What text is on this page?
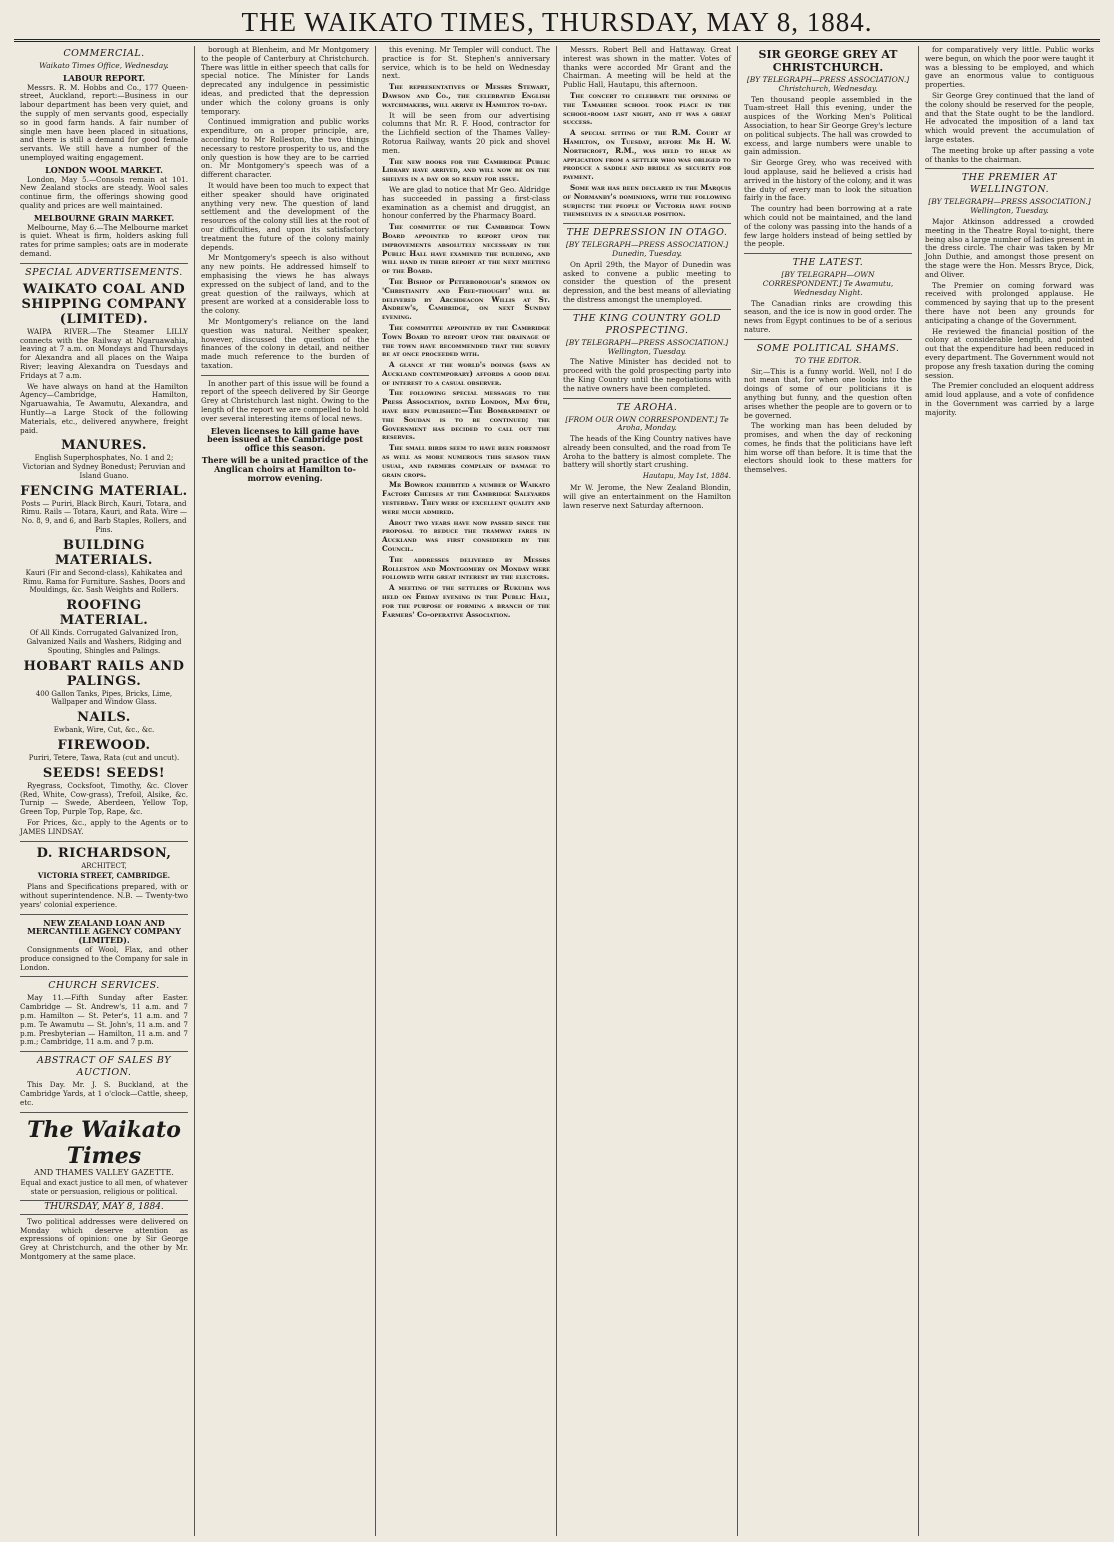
THE WAIKATO TIMES, THURSDAY, MAY 8, 1884.
COMMERCIAL.
Waikato Times Office, Wednesday.
LABOUR REPORT.

Messrs. R. M. Hobbs and Co., 177 Queen-street, Auckland, report:—Business in our labour department has been very quiet, and the supply of men servants good, especially so in good farm hands. A fair number of single men have been placed in situations, and there is still a demand for good female servants. We still have a number of the unemployed waiting engagement.

LONDON WOOL MARKET.

London, May 5.—Consols remain at 101. New Zealand stocks are steady. Wool sales continue firm, the offerings showing good quality and prices are well maintained.

MELBOURNE GRAIN MARKET.

Melbourne, May 6.—The Melbourne market is quiet. Wheat is firm, holders asking full rates for prime samples; oats are in moderate demand.

SPECIAL ADVERTISEMENTS.
WAIKATO COAL AND SHIPPING COMPANY (LIMITED).

WAIPA RIVER.—The Steamer LILLY connects with the Railway at Ngaruawahia, leaving at 7 a.m. on Mondays and Thursdays for Alexandra and all places on the Waipa River; leaving Alexandra on Tuesdays and Fridays at 7 a.m.

We have always on hand at the Hamilton Agency—Cambridge, Hamilton, Ngaruawahia, Te Awamutu, Alexandra, and Huntly—a Large Stock of the following Materials, etc., delivered anywhere, freight paid.

MANURES.
English Superphosphates, No. 1 and 2; Victorian and Sydney Bonedust; Peruvian and Island Guano.
FENCING MATERIAL.
Posts — Puriri, Black Birch, Kauri, Totara, and Rimu. Rails — Totara, Kauri, and Rata. Wire — No. 8, 9, and 6, and Barb Staples, Rollers, and Pins.
BUILDING MATERIALS.
Kauri (Fir and Second-class), Kahikatea and Rimu. Rama for Furniture. Sashes, Doors and Mouldings, &c. Sash Weights and Rollers.
ROOFING MATERIAL.
Of All Kinds. Corrugated Galvanized Iron, Galvanized Nails and Washers, Ridging and Spouting, Shingles and Palings.
HOBART RAILS AND PALINGS.
400 Gallon Tanks, Pipes, Bricks, Lime, Wallpaper and Window Glass.
NAILS.
Ewbank, Wire, Cut, &c., &c.
FIREWOOD.
Puriri, Tetere, Tawa, Rata (cut and uncut).
SEEDS! SEEDS!

Ryegrass, Cocksfoot, Timothy, &c. Clover (Red, White, Cow-grass), Trefoil, Alsike, &c. Turnip — Swede, Aberdeen, Yellow Top, Green Top, Purple Top, Rape, &c.

For Prices, &c., apply to the Agents or to JAMES LINDSAY.

D. RICHARDSON,
ARCHITECT,
VICTORIA STREET, CAMBRIDGE.

Plans and Specifications prepared, with or without superintendence. N.B. — Twenty-two years' colonial experience.

NEW ZEALAND LOAN AND MERCANTILE AGENCY COMPANY (LIMITED).

Consignments of Wool, Flax, and other produce consigned to the Company for sale in London.

CHURCH SERVICES.

May 11.—Fifth Sunday after Easter. Cambridge — St. Andrew's, 11 a.m. and 7 p.m. Hamilton — St. Peter's, 11 a.m. and 7 p.m. Te Awamutu — St. John's, 11 a.m. and 7 p.m. Presbyterian — Hamilton, 11 a.m. and 7 p.m.; Cambridge, 11 a.m. and 7 p.m.

ABSTRACT OF SALES BY AUCTION.

This Day. Mr. J. S. Buckland, at the Cambridge Yards, at 1 o'clock—Cattle, sheep, etc.

The Waikato Times
AND THAMES VALLEY GAZETTE.
Equal and exact justice to all men, of whatever state or persuasion, religious or political.
THURSDAY, MAY 8, 1884.

Two political addresses were delivered on Monday which deserve attention as expressions of opinion: one by Sir George Grey at Christchurch, and the other by Mr. Montgomery at the same place.

borough at Blenheim, and Mr Montgomery to the people of Canterbury at Christchurch. There was little in either speech that calls for special notice. The Minister for Lands deprecated any indulgence in pessimistic ideas, and predicted that the depression under which the colony groans is only temporary.

Continued immigration and public works expenditure, on a proper principle, are, according to Mr Rolleston, the two things necessary to restore prosperity to us, and the only question is how they are to be carried on. Mr Montgomery's speech was of a different character.

It would have been too much to expect that either speaker should have originated anything very new. The question of land settlement and the development of the resources of the colony still lies at the root of our difficulties, and upon its satisfactory treatment the future of the colony mainly depends.

Mr Montgomery's speech is also without any new points. He addressed himself to emphasising the views he has always expressed on the subject of land, and to the great question of the railways, which at present are worked at a considerable loss to the colony.

Mr Montgomery's reliance on the land question was natural. Neither speaker, however, discussed the question of the finances of the colony in detail, and neither made much reference to the burden of taxation.

In another part of this issue will be found a report of the speech delivered by Sir George Grey at Christchurch last night. Owing to the length of the report we are compelled to hold over several interesting items of local news.

Eleven licenses to kill game have been issued at the Cambridge post office this season.
There will be a united practice of the Anglican choirs at Hamilton to-morrow evening.

this evening. Mr Templer will conduct. The practice is for St. Stephen's anniversary service, which is to be held on Wednesday next.

The representatives of Messrs Stewart, Dawson and Co., the celebrated English watchmakers, will arrive in Hamilton to-day.

It will be seen from our advertising columns that Mr. R. F. Hood, contractor for the Lichfield section of the Thames Valley-Rotorua Railway, wants 20 pick and shovel men.

The new books for the Cambridge Public Library have arrived, and will now be on the shelves in a day or so ready for issue.

We are glad to notice that Mr Geo. Aldridge has succeeded in passing a first-class examination as a chemist and druggist, an honour conferred by the Pharmacy Board.

The committee of the Cambridge Town Board appointed to report upon the improvements absolutely necessary in the Public Hall have examined the building, and will hand in their report at the next meeting of the Board.

The Bishop of Peterborough's sermon on 'Christianity and Free-thought' will be delivered by Archdeacon Willis at St. Andrew's, Cambridge, on next Sunday evening.

The committee appointed by the Cambridge Town Board to report upon the drainage of the town have recommended that the survey be at once proceeded with.

A glance at the world's doings (says an Auckland contemporary) affords a good deal of interest to a casual observer.

The following special messages to the Press Association, dated London, May 6th, have been published:—The Bombardment of the Soudan is to be continued; the Government has decided to call out the reserves.

The small birds seem to have been foremost as well as more numerous this season than usual, and farmers complain of damage to grain crops.

Mr Bowron exhibited a number of Waikato Factory Cheeses at the Cambridge Saleyards yesterday. They were of excellent quality and were much admired.

About two years have now passed since the proposal to reduce the tramway fares in Auckland was first considered by the Council.

The addresses delivered by Messrs Rolleston and Montgomery on Monday were followed with great interest by the electors.

A meeting of the settlers of Rukuhia was held on Friday evening in the Public Hall, for the purpose of forming a branch of the Farmers' Co-operative Association.

Messrs. Robert Bell and Hattaway. Great interest was shown in the matter. Votes of thanks were accorded Mr Grant and the Chairman. A meeting will be held at the Public Hall, Hautapu, this afternoon.

The concert to celebrate the opening of the Tamahere school took place in the school-room last night, and it was a great success.

A special sitting of the R.M. Court at Hamilton, on Tuesday, before Mr H. W. Northcroft, R.M., was held to hear an application from a settler who was obliged to produce a saddle and bridle as security for payment.

Some war has been declared in the Marquis of Normanby's dominions, with the following subjects: the people of Victoria have found themselves in a singular position.

THE DEPRESSION IN OTAGO.
[BY TELEGRAPH—PRESS ASSOCIATION.] Dunedin, Tuesday.

On April 29th, the Mayor of Dunedin was asked to convene a public meeting to consider the question of the present depression, and the best means of alleviating the distress amongst the unemployed.

THE KING COUNTRY GOLD PROSPECTING.
[BY TELEGRAPH—PRESS ASSOCIATION.] Wellington, Tuesday.

The Native Minister has decided not to proceed with the gold prospecting party into the King Country until the negotiations with the native owners have been completed.

TE AROHA.
[FROM OUR OWN CORRESPONDENT.] Te Aroha, Monday.

The heads of the King Country natives have already been consulted, and the road from Te Aroha to the battery is almost complete. The battery will shortly start crushing.

Hautapu, May 1st, 1884.

Mr W. Jerome, the New Zealand Blondin, will give an entertainment on the Hamilton lawn reserve next Saturday afternoon.

SIR GEORGE GREY AT CHRISTCHURCH.
[BY TELEGRAPH—PRESS ASSOCIATION.] Christchurch, Wednesday.

Ten thousand people assembled in the Tuam-street Hall this evening, under the auspices of the Working Men's Political Association, to hear Sir George Grey's lecture on political subjects. The hall was crowded to excess, and large numbers were unable to gain admission.

Sir George Grey, who was received with loud applause, said he believed a crisis had arrived in the history of the colony, and it was the duty of every man to look the situation fairly in the face.

The country had been borrowing at a rate which could not be maintained, and the land of the colony was passing into the hands of a few large holders instead of being settled by the people.

THE LATEST.
[BY TELEGRAPH—OWN CORRESPONDENT.] Te Awamutu, Wednesday Night.

The Canadian rinks are crowding this season, and the ice is now in good order. The news from Egypt continues to be of a serious nature.

SOME POLITICAL SHAMS.
TO THE EDITOR.

Sir,—This is a funny world. Well, no! I do not mean that, for when one looks into the doings of some of our politicians it is anything but funny, and the question often arises whether the people are to govern or to be governed.

The working man has been deluded by promises, and when the day of reckoning comes, he finds that the politicians have left him worse off than before. It is time that the electors should look to these matters for themselves.

for comparatively very little. Public works were begun, on which the poor were taught it was a blessing to be employed, and which gave an enormous value to contiguous properties.

Sir George Grey continued that the land of the colony should be reserved for the people, and that the State ought to be the landlord. He advocated the imposition of a land tax which would prevent the accumulation of large estates.

The meeting broke up after passing a vote of thanks to the chairman.

THE PREMIER AT WELLINGTON.
[BY TELEGRAPH—PRESS ASSOCIATION.] Wellington, Tuesday.

Major Atkinson addressed a crowded meeting in the Theatre Royal to-night, there being also a large number of ladies present in the dress circle. The chair was taken by Mr John Duthie, and amongst those present on the stage were the Hon. Messrs Bryce, Dick, and Oliver.

The Premier on coming forward was received with prolonged applause. He commenced by saying that up to the present there have not been any grounds for anticipating a change of the Government.

He reviewed the financial position of the colony at considerable length, and pointed out that the expenditure had been reduced in every department. The Government would not propose any fresh taxation during the coming session.

The Premier concluded an eloquent address amid loud applause, and a vote of confidence in the Government was carried by a large majority.
